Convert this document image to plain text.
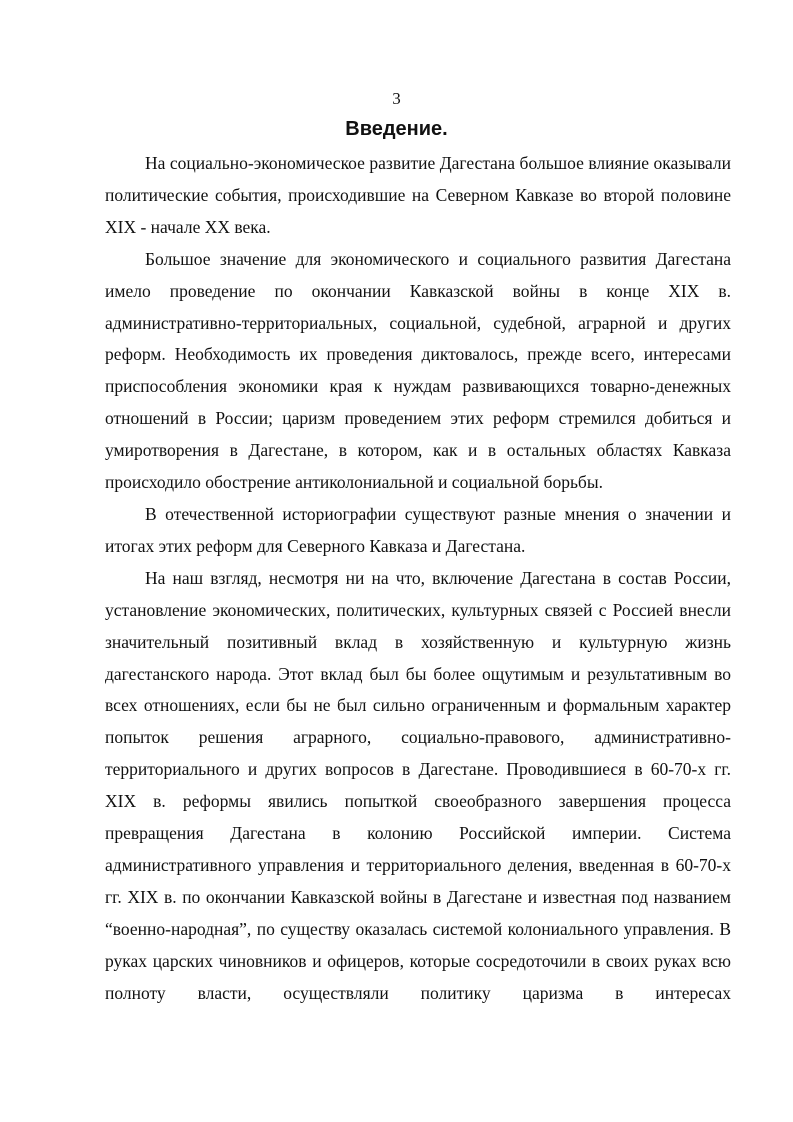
3
Введение.

На социально-экономическое развитие Дагестана большое влияние оказывали политические события, происходившие на Северном Кавказе во второй половине XIX - начале XX века.

Большое значение для экономического и социального развития Дагестана имело проведение по окончании Кавказской войны в конце XIX в. административно-территориальных, социальной, судебной, аграрной и других реформ. Необходимость их проведения диктовалось, прежде всего, интересами приспособления экономики края к нуждам развивающихся товарно-денежных отношений в России; царизм проведением этих реформ стремился добиться и умиротворения в Дагестане, в котором, как и в остальных областях Кавказа происходило обострение антиколониальной и социальной борьбы.

В отечественной историографии существуют разные мнения о значении и итогах этих реформ для Северного Кавказа и Дагестана.

На наш взгляд, несмотря ни на что, включение Дагестана в состав России, установление экономических, политических, культурных связей с Россией внесли значительный позитивный вклад в хозяйственную и культурную жизнь дагестанского народа. Этот вклад был бы более ощутимым и результативным во всех отношениях, если бы не был сильно ограниченным и формальным характер попыток решения аграрного, социально-правового, административно-территориального и других вопросов в Дагестане. Проводившиеся в 60-70-х гг. XIX в. реформы явились попыткой своеобразного завершения процесса превращения Дагестана в колонию Российской империи. Система административного управления и территориального деления, введенная в 60-70-х гг. XIX в. по окончании Кавказской войны в Дагестане и известная под названием “военно-народная”, по существу оказалась системой колониального управления. В руках царских чиновников и офицеров, которые сосредоточили в своих руках всю полноту власти, осуществляли политику царизма в интересах
